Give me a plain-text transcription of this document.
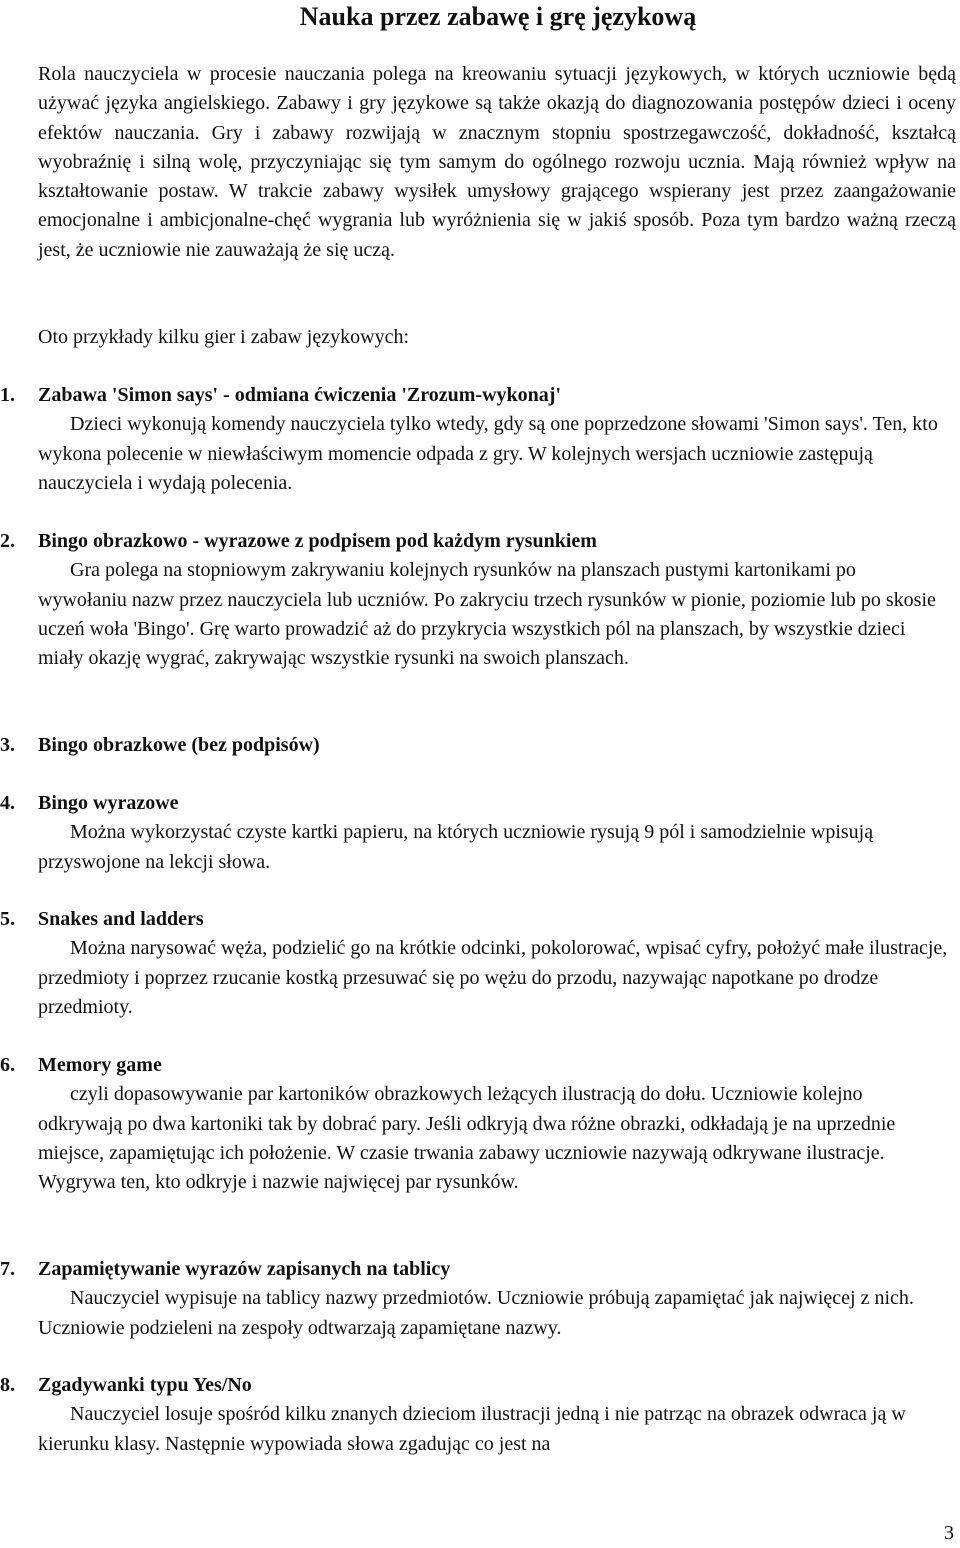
Nauka przez zabawę i grę językową

Rola nauczyciela w procesie nauczania polega na kreowaniu sytuacji językowych, w których uczniowie będą używać języka angielskiego. Zabawy i gry językowe są także okazją do diagnozowania postępów dzieci i oceny efektów nauczania. Gry i zabawy rozwijają w znacznym stopniu spostrzegawczość, dokładność, kształcą wyobraźnię i silną wolę, przyczyniając się tym samym do ogólnego rozwoju ucznia. Mają również wpływ na kształtowanie postaw. W trakcie zabawy wysiłek umysłowy grającego wspierany jest przez zaangażowanie emocjonalne i ambicjonalne-chęć wygrania lub wyróżnienia się w jakiś sposób. Poza tym bardzo ważną rzeczą jest, że uczniowie nie zauważają że się uczą.

Oto przykłady kilku gier i zabaw językowych:

1. Zabawa 'Simon says' - odmiana ćwiczenia 'Zrozum-wykonaj'

Dzieci wykonują komendy nauczyciela tylko wtedy, gdy są one poprzedzone słowami 'Simon says'. Ten, kto wykona polecenie w niewłaściwym momencie odpada z gry. W kolejnych wersjach uczniowie zastępują nauczyciela i wydają polecenia.

2. Bingo obrazkowo - wyrazowe z podpisem pod każdym rysunkiem

Gra polega na stopniowym zakrywaniu kolejnych rysunków na planszach pustymi kartonikami po wywołaniu nazw przez nauczyciela lub uczniów. Po zakryciu trzech rysunków w pionie, poziomie lub po skosie uczeń woła 'Bingo'. Grę warto prowadzić aż do przykrycia wszystkich pól na planszach, by wszystkie dzieci miały okazję wygrać, zakrywając wszystkie rysunki na swoich planszach.

3. Bingo obrazkowe (bez podpisów)
4. Bingo wyrazowe

Można wykorzystać czyste kartki papieru, na których uczniowie rysują 9 pól i samodzielnie wpisują przyswojone na lekcji słowa.

5. Snakes and ladders

Można narysować węża, podzielić go na krótkie odcinki, pokolorować, wpisać cyfry, położyć małe ilustracje, przedmioty i poprzez rzucanie kostką przesuwać się po wężu do przodu, nazywając napotkane po drodze przedmioty.

6. Memory game

czyli dopasowywanie par kartoników obrazkowych leżących ilustracją do dołu. Uczniowie kolejno odkrywają po dwa kartoniki tak by dobrać pary. Jeśli odkryją dwa różne obrazki, odkładają je na uprzednie miejsce, zapamiętując ich położenie. W czasie trwania zabawy uczniowie nazywają odkrywane ilustracje. Wygrywa ten, kto odkryje i nazwie najwięcej par rysunków.

7. Zapamiętywanie wyrazów zapisanych na tablicy

Nauczyciel wypisuje na tablicy nazwy przedmiotów. Uczniowie próbują zapamiętać jak najwięcej z nich. Uczniowie podzieleni na zespoły odtwarzają zapamiętane nazwy.

8. Zgadywanki typu Yes/No

Nauczyciel losuje spośród kilku znanych dzieciom ilustracji jedną i nie patrząc na obrazek odwraca ją w kierunku klasy. Następnie wypowiada słowa zgadując co jest na

3
